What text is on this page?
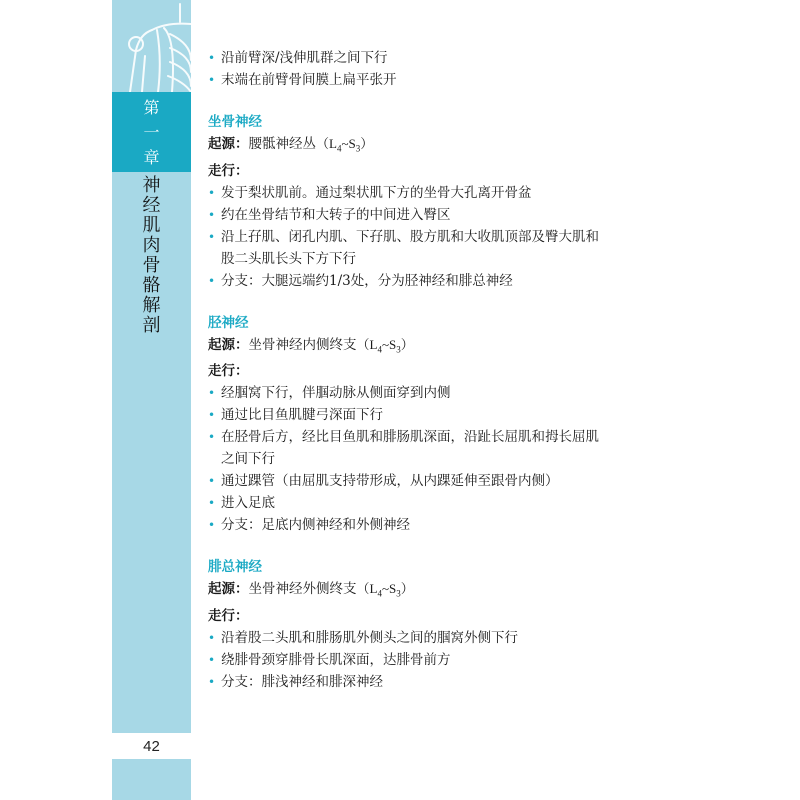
第
一
章
神
经
肌
肉
骨
骼
解
剖
42
• 沿前臂深/浅伸肌群之间下行
• 末端在前臂骨间膜上扁平张开
坐骨神经
起源：腰骶神经丛$(L_4\sim S_3)$
走行：
• 发于梨状肌前。通过梨状肌下方的坐骨大孔离开骨盆
• 约在坐骨结节和大转子的中间进入臀区
• 沿上孖肌、闭孔内肌、下孖肌、股方肌和大收肌顶部及臀大肌和股二头肌长头下方下行
• 分支：大腿远端约1/3处，分为胫神经和腓总神经
胫神经
起源：坐骨神经内侧终支$(L_4\sim S_3)$
走行：
• 经腘窝下行，伴腘动脉从侧面穿到内侧
• 通过比目鱼肌腱弓深面下行
• 在胫骨后方，经比目鱼肌和腓肠肌深面，沿趾长屈肌和拇长屈肌之间下行
• 通过踝管（由屈肌支持带形成，从内踝延伸至跟骨内侧）
• 进入足底
• 分支：足底内侧神经和外侧神经
腓总神经
起源：坐骨神经外侧终支$(L_4\sim S_3)$
走行：
• 沿着股二头肌和腓肠肌外侧头之间的腘窝外侧下行
• 绕腓骨颈穿腓骨长肌深面，达腓骨前方
• 分支：腓浅神经和腓深神经
